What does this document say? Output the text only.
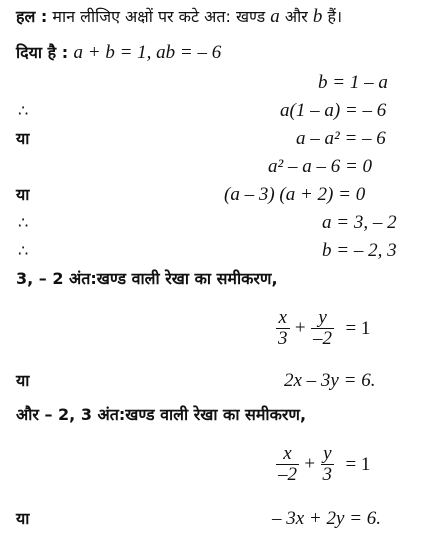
हल : मान लीजिए अक्षों पर कटे अत: खण्ड a और b हैं।
दिया है : a + b = 1, ab = – 6
b = 1 – a
∴	a(1 – a) = – 6
या	a – a² = – 6
a² – a – 6 = 0
या	(a – 3) (a + 2) = 0
∴	a = 3, – 2
∴	b = – 2, 3
3, – 2 अंत:खण्ड वाली रेखा का समीकरण,
$\frac{x}{3} + \frac{y}{-2} = 1$
या	2x – 3y = 6.
और – 2, 3 अंत:खण्ड वाली रेखा का समीकरण,
$\frac{x}{-2} + \frac{y}{3} = 1$
या	– 3x + 2y = 6.
